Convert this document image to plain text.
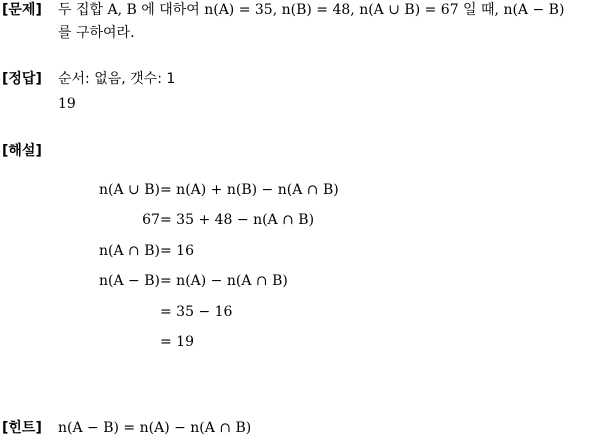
[문제] 두 집합 A, B 에 대하여 n(A) = 35, n(B) = 48, n(A ∪ B) = 67 일 때, n(A − B)
를 구하여라.
[정답] 순서: 없음, 갯수: 1
19
[해설]
n(A ∪ B) = n(A) + n(B) − n(A ∩ B)
67 = 35 + 48 − n(A ∩ B)
n(A ∩ B) = 16
n(A − B) = n(A) − n(A ∩ B)
= 35 − 16
= 19
[힌트] n(A − B) = n(A) − n(A ∩ B)
